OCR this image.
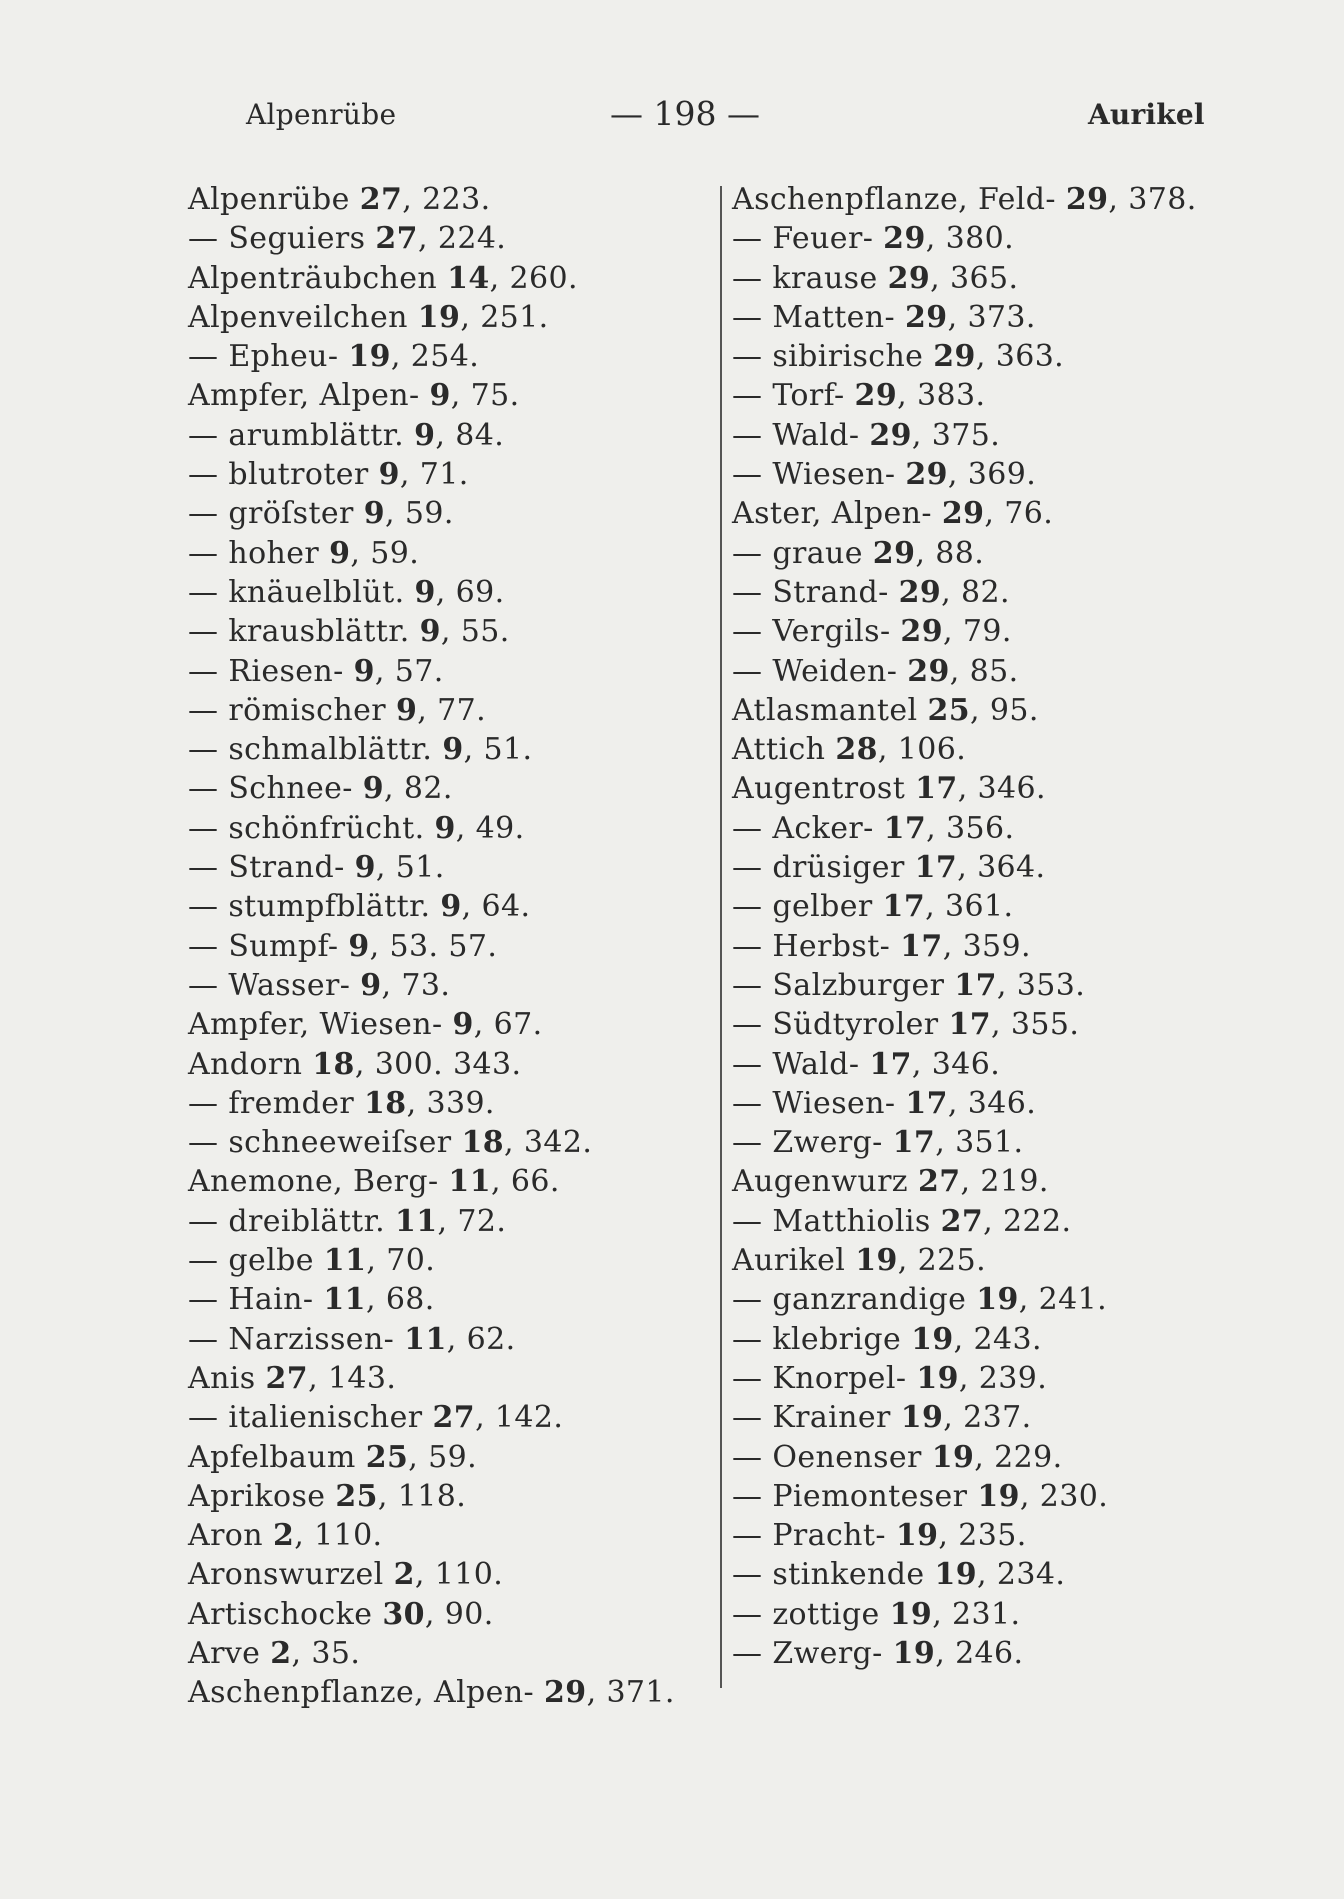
Alpenrübe	— 198 —	Aurikel
Alpenrübe 27, 223.
— Seguiers 27, 224.
Alpenträubchen 14, 260.
Alpenveilchen 19, 251.
— Epheu- 19, 254.
Ampfer, Alpen- 9, 75.
— arumblättr. 9, 84.
— blutroter 9, 71.
— gröſster 9, 59.
— hoher 9, 59.
— knäuelblüt. 9, 69.
— krausblättr. 9, 55.
— Riesen- 9, 57.
— römischer 9, 77.
— schmalblättr. 9, 51.
— Schnee- 9, 82.
— schönfrücht. 9, 49.
— Strand- 9, 51.
— stumpfblättr. 9, 64.
— Sumpf- 9, 53. 57.
— Wasser- 9, 73.
Ampfer, Wiesen- 9, 67.
Andorn 18, 300. 343.
— fremder 18, 339.
— schneeweiſser 18, 342.
Anemone, Berg- 11, 66.
— dreiblättr. 11, 72.
— gelbe 11, 70.
— Hain- 11, 68.
— Narzissen- 11, 62.
Anis 27, 143.
— italienischer 27, 142.
Apfelbaum 25, 59.
Aprikose 25, 118.
Aron 2, 110.
Aronswurzel 2, 110.
Artischocke 30, 90.
Arve 2, 35.
Aschenpflanze, Alpen- 29, 371.
Aschenpflanze, Feld- 29, 378.
— Feuer- 29, 380.
— krause 29, 365.
— Matten- 29, 373.
— sibirische 29, 363.
— Torf- 29, 383.
— Wald- 29, 375.
— Wiesen- 29, 369.
Aster, Alpen- 29, 76.
— graue 29, 88.
— Strand- 29, 82.
— Vergils- 29, 79.
— Weiden- 29, 85.
Atlasmantel 25, 95.
Attich 28, 106.
Augentrost 17, 346.
— Acker- 17, 356.
— drüsiger 17, 364.
— gelber 17, 361.
— Herbst- 17, 359.
— Salzburger 17, 353.
— Südtyroler 17, 355.
— Wald- 17, 346.
— Wiesen- 17, 346.
— Zwerg- 17, 351.
Augenwurz 27, 219.
— Matthiolis 27, 222.
Aurikel 19, 225.
— ganzrandige 19, 241.
— klebrige 19, 243.
— Knorpel- 19, 239.
— Krainer 19, 237.
— Oenenser 19, 229.
— Piemonteser 19, 230.
— Pracht- 19, 235.
— stinkende 19, 234.
— zottige 19, 231.
— Zwerg- 19, 246.
